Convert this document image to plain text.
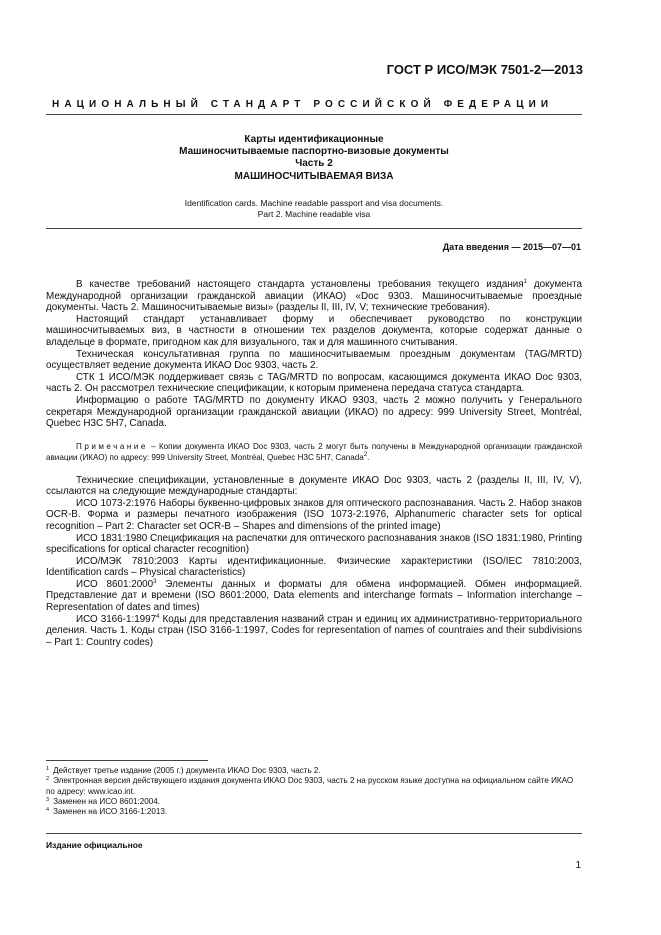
ГОСТ Р ИСО/МЭК 7501-2—2013

НАЦИОНАЛЬНЫЙ СТАНДАРТ РОССИЙСКОЙ ФЕДЕРАЦИИ

Карты идентификационные
Машиносчитываемые паспортно-визовые документы
Часть 2
МАШИНОСЧИТЫВАЕМАЯ ВИЗА
Identification cards. Machine readable passport and visa documents.
Part 2. Machine readable visa

Дата введения — 2015—07—01

В качестве требований настоящего стандарта установлены требования текущего издания$^1$ документа Международной организации гражданской авиации (ИКАО) «Doc 9303. Машиносчитываемые проездные документы. Часть 2. Машиносчитываемые визы» (разделы II, III, IV, V; технические требования).

Настоящий стандарт устанавливает форму и обеспечивает руководство по конструкции машиносчитываемых виз, в частности в отношении тех разделов документа, которые содержат данные о владельце в формате, пригодном как для визуального, так и для машинного считывания.

Техническая консультативная группа по машиносчитываемым проездным документам (TAG/MRTD) осуществляет ведение документа ИКАО Doc 9303, часть 2.

СТК 1 ИСО/МЭК поддерживает связь с TAG/MRTD по вопросам, касающимся документа ИКАО Doc 9303, часть 2. Он рассмотрел технические спецификации, к которым применена передача статуса стандарта.

Информацию о работе TAG/MRTD по документу ИКАО 9303, часть 2 можно получить у Генерального секретаря Международной организации гражданской авиации (ИКАО) по адресу: 999 University Street, Montréal, Quebec H3C 5H7, Canada.

Примечание – Копии документа ИКАО Doc 9303, часть 2 могут быть получены в Международной организации гражданской авиации (ИКАО) по адресу: 999 University Street, Montréal, Quebec H3C 5H7, Canada$^2$.

Технические спецификации, установленные в документе ИКАО Doc 9303, часть 2 (разделы II, III, IV, V), ссылаются на следующие международные стандарты:

ИСО 1073-2:1976 Наборы буквенно-цифровых знаков для оптического распознавания. Часть 2. Набор знаков OCR-B. Форма и размеры печатного изображения (ISO 1073-2:1976, Alphanumeric character sets for optical recognition – Part 2: Character set OCR-B – Shapes and dimensions of the printed image)

ИСО 1831:1980 Спецификация на распечатки для оптического распознавания знаков (ISO 1831:1980, Printing specifications for optical character recognition)

ИСО/МЭК 7810:2003 Карты идентификационные. Физические характеристики (ISO/IEC 7810:2003, Identification cards – Physical characteristics)

ИСО 8601:2000$^3$ Элементы данных и форматы для обмена информацией. Обмен информацией. Представление дат и времени (ISO 8601:2000, Data elements and interchange formats – Information interchange – Representation of dates and times)

ИСО 3166-1:1997$^4$ Коды для представления названий стран и единиц их административно-территориального деления. Часть 1. Коды стран (ISO 3166-1:1997, Codes for representation of names of countraies and their subdivisions – Part 1: Country codes)

$^1$ Действует третье издание (2005 г.) документа ИКАО Doc 9303, часть 2.

$^2$ Электронная версия действующего издания документа ИКАО Doc 9303, часть 2 на русском языке доступна на официальном сайте ИКАО по адресу: www.icao.int.

$^3$ Заменен на ИСО 8601:2004.

$^4$ Заменен на ИСО 3166-1:2013.

Издание официальное

1
